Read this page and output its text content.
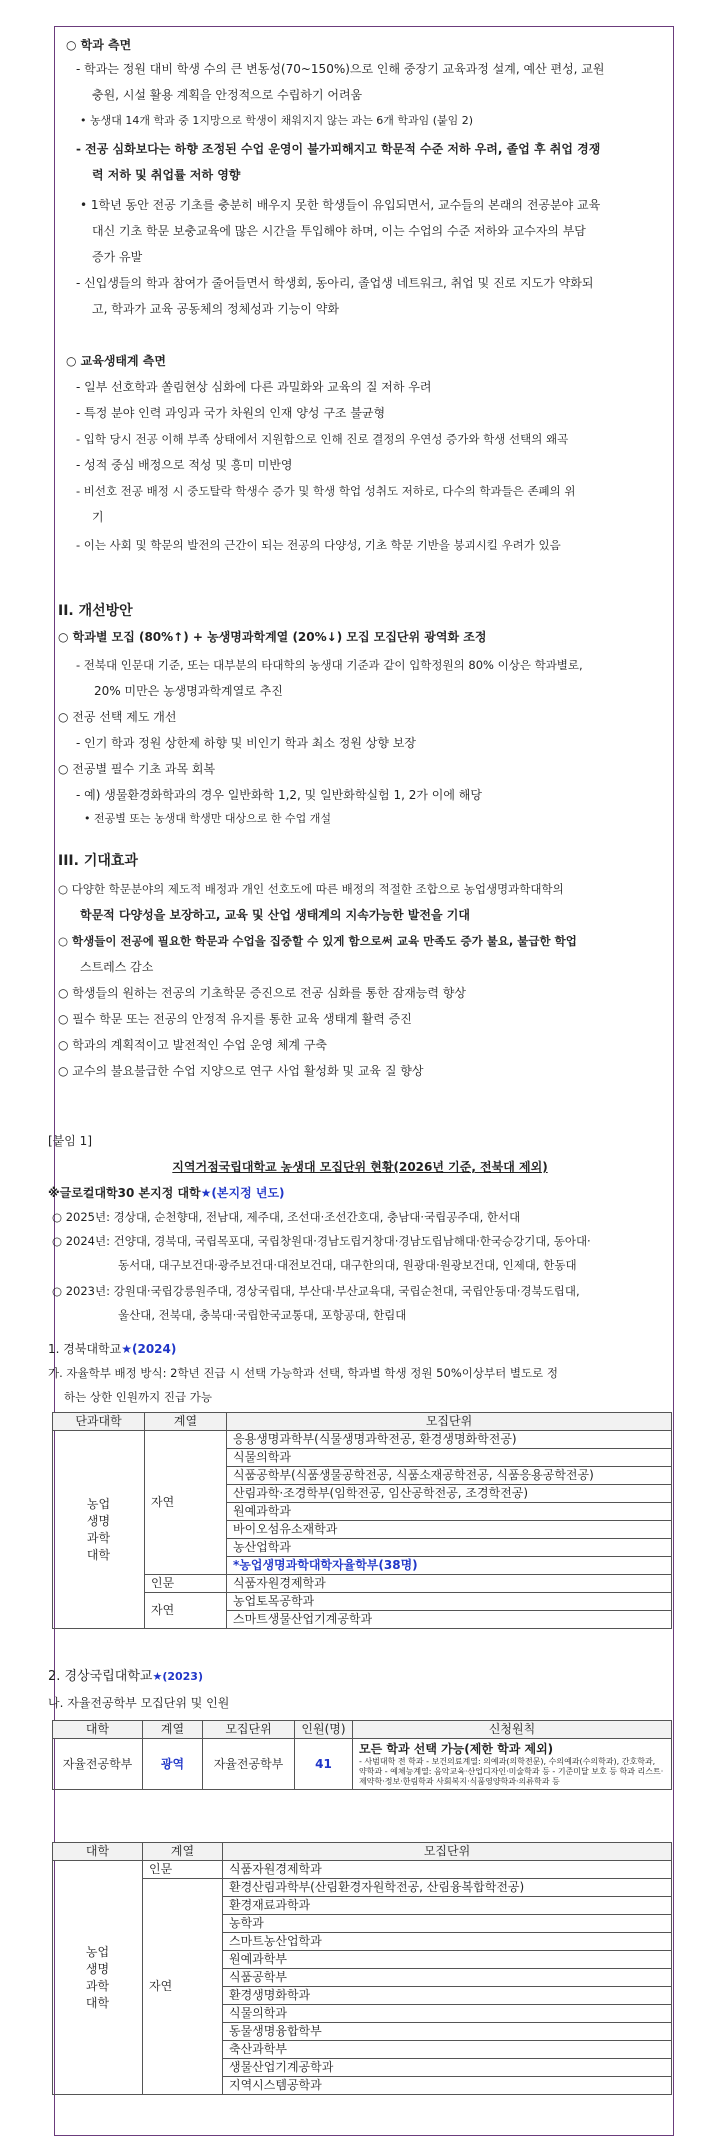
○ 학과 측면
- 학과는 정원 대비 학생 수의 큰 변동성(70~150%)으로 인해 중장기 교육과정 설계, 예산 편성, 교원
충원, 시설 활용 계획을 안정적으로 수립하기 어려움
• 농생대 14개 학과 중 1지망으로 학생이 채워지지 않는 과는 6개 학과임 (붙임 2)
- 전공 심화보다는 하향 조정된 수업 운영이 불가피해지고 학문적 수준 저하 우려, 졸업 후 취업 경쟁
력 저하 및 취업률 저하 영향
• 1학년 동안 전공 기초를 충분히 배우지 못한 학생들이 유입되면서, 교수들의 본래의 전공분야 교육
대신 기초 학문 보충교육에 많은 시간을 투입해야 하며, 이는 수업의 수준 저하와 교수자의 부담
증가 유발
- 신입생들의 학과 참여가 줄어들면서 학생회, 동아리, 졸업생 네트워크, 취업 및 진로 지도가 약화되
고, 학과가 교육 공동체의 정체성과 기능이 약화
○ 교육생태계 측면
- 일부 선호학과 쏠림현상 심화에 다른 과밀화와 교육의 질 저하 우려
- 특정 분야 인력 과잉과 국가 차원의 인재 양성 구조 불균형
- 입학 당시 전공 이해 부족 상태에서 지원함으로 인해 진로 결정의 우연성 증가와 학생 선택의 왜곡
- 성적 중심 배정으로 적성 및 흥미 미반영
- 비선호 전공 배정 시 중도탈락 학생수 증가 및 학생 학업 성취도 저하로, 다수의 학과들은 존폐의 위
기
- 이는 사회 및 학문의 발전의 근간이 되는 전공의 다양성, 기초 학문 기반을 붕괴시킬 우려가 있음
II. 개선방안
○ 학과별 모집 (80%↑) + 농생명과학계열 (20%↓) 모집 모집단위 광역화 조정
- 전북대 인문대 기준, 또는 대부분의 타대학의 농생대 기준과 같이 입학정원의 80% 이상은 학과별로,
20% 미만은 농생명과학계열로 추진
○ 전공 선택 제도 개선
- 인기 학과 정원 상한제 하향 및 비인기 학과 최소 정원 상향 보장
○ 전공별 필수 기초 과목 회복
- 예) 생물환경화학과의 경우 일반화학 1,2, 및 일반화학실험 1, 2가 이에 해당
• 전공별 또는 농생대 학생만 대상으로 한 수업 개설
III. 기대효과
○ 다양한 학문분야의 제도적 배정과 개인 선호도에 따른 배정의 적절한 조합으로 농업생명과학대학의
학문적 다양성을 보장하고, 교육 및 산업 생태계의 지속가능한 발전을 기대
○ 학생들이 전공에 필요한 학문과 수업을 집중할 수 있게 함으로써 교육 만족도 증가 불요, 불급한 학업
스트레스 감소
○ 학생들의 원하는 전공의 기초학문 증진으로 전공 심화를 통한 잠재능력 향상
○ 필수 학문 또는 전공의 안정적 유지를 통한 교육 생태계 활력 증진
○ 학과의 계획적이고 발전적인 수업 운영 체계 구축
○ 교수의 불요불급한 수업 지양으로 연구 사업 활성화 및 교육 질 향상
[붙임 1]
지역거점국립대학교 농생대 모집단위 현황(2026년 기준, 전북대 제외)
※글로컬대학30 본지정 대학★(본지정 년도)
○ 2025년: 경상대, 순천향대, 전남대, 제주대, 조선대·조선간호대, 충남대·국립공주대, 한서대
○ 2024년: 건양대, 경북대, 국립목포대, 국립창원대·경남도립거창대·경남도립남해대·한국승강기대, 동아대·
동서대, 대구보건대·광주보건대·대전보건대, 대구한의대, 원광대·원광보건대, 인제대, 한동대
○ 2023년: 강원대·국립강릉원주대, 경상국립대, 부산대·부산교육대, 국립순천대, 국립안동대·경북도립대,
울산대, 전북대, 충북대·국립한국교통대, 포항공대, 한림대
1. 경북대학교★(2024)
가. 자율학부 배정 방식: 2학년 진급 시 선택 가능학과 선택, 학과별 학생 정원 50%이상부터 별도로 정
하는 상한 인원까지 진급 가능
단과대학	계열	모집단위
농업
생명
과학
대학	자연	응용생명과학부(식물생명과학전공, 환경생명화학전공)
		식물의학과
		식품공학부(식품생물공학전공, 식품소재공학전공, 식품응용공학전공)
		산림과학·조경학부(임학전공, 임산공학전공, 조경학전공)
		원예과학과
		바이오섬유소재학과
		농산업학과
		*농업생명과학대학자율학부(38명)
	인문	식품자원경제학과
	자연	농업토목공학과
		스마트생물산업기계공학과
2. 경상국립대학교★(2023)
나. 자율전공학부 모집단위 및 인원
대학	계열	모집단위	인원(명)	신청원칙
자율전공학부	광역	자율전공학부	41	모든 학과 선택 가능(제한 학과 제외)
- 사범대학 전 학과 - 보건의료계열: 의예과(의학전문), 수의예과(수의학과), 간호학과, 약학과 - 예체능계열: 음악교육·산업디자인·미술학과 등 - 기준미달 보호 등 학과 리스트·제약학·정보·한림학과 사회복지·식품영양학과·의류학과 등
대학	계열	모집단위
농업
생명
과학
대학	인문	식품자원경제학과
	자연	환경산림과학부(산림환경자원학전공, 산림융복합학전공)
		환경재료과학과
		농학과
		스마트농산업학과
		원예과학부
		식품공학부
		환경생명화학과
		식물의학과
		동물생명융합학부
		축산과학부
		생물산업기계공학과
		지역시스템공학과
